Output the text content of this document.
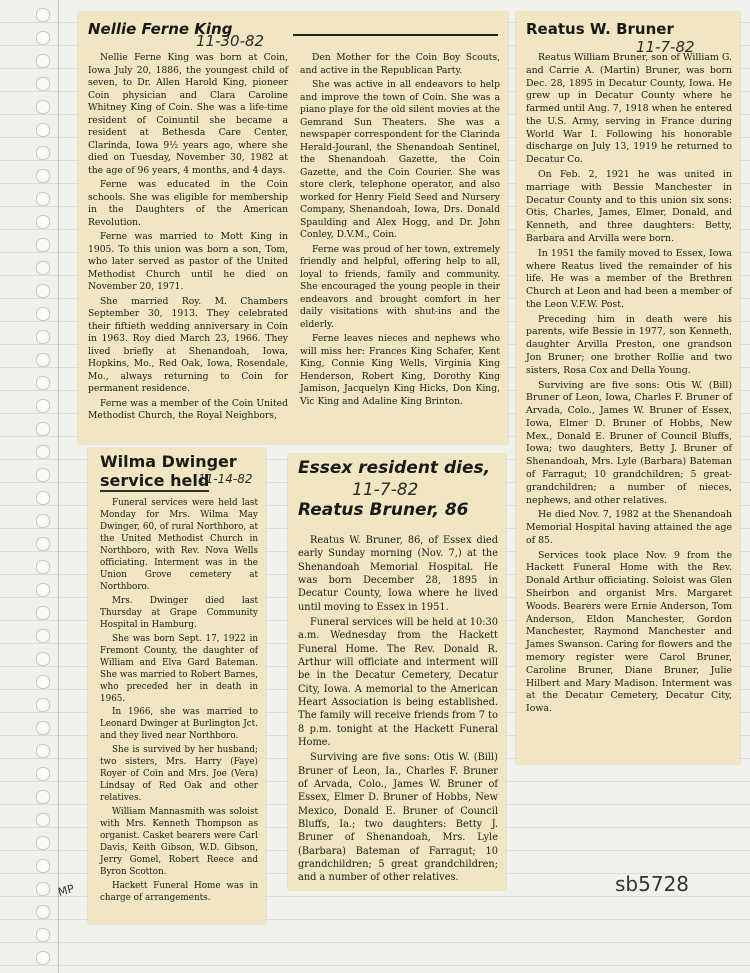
Nellie Ferne King
11-30-82

Nellie Ferne King was born at Coin, Iowa July 20, 1886, the youngest child of seven, to Dr. Allen Harold King, pioneer Coin physician and Clara Caroline Whitney King of Coin. She was a life-time resident of Coinuntil she became a resident at Bethesda Care Center, Clarinda, Iowa 9½ years ago, where she died on Tuesday, November 30, 1982 at the age of 96 years, 4 months, and 4 days.

Ferne was educated in the Coin schools. She was eligible for membership in the Daughters of the American Revolution.

Ferne was married to Mott King in 1905. To this union was born a son, Tom, who later served as pastor of the United Methodist Church until he died on November 20, 1971.

She married Roy. M. Chambers September 30, 1913. They celebrated their fiftieth wedding anniversary in Coin in 1963. Roy died March 23, 1966. They lived briefly at Shenandoah, Iowa, Hopkins, Mo., Red Oak, Iowa, Rosendale, Mo., always returning to Coin for permanent residence.

Ferne was a member of the Coin United Methodist Church, the Royal Neighbors,

Den Mother for the Coin Boy Scouts, and active in the Republican Party.

She was active in all endeavors to help and improve the town of Coin. She was a piano playe for the old silent movies at the Gemrand Sun Theaters. She was a newspaper correspondent for the Clarinda Herald-Jouranl, the Shenandoah Sentinel, the Shenandoah Gazette, the Coin Gazette, and the Coin Courier. She was store clerk, telephone operator, and also worked for Henry Field Seed and Nursery Company, Shenandoah, Iowa, Drs. Donald Spaulding and Alex Hogg, and Dr. John Conley, D.V.M., Coin.

Ferne was proud of her town, extremely friendly and helpful, offering help to all, loyal to friends, family and community. She encouraged the young people in their endeavors and brought comfort in her daily visitations with shut-ins and the elderly.

Ferne leaves nieces and nephews who will miss her: Frances King Schafer, Kent King, Connie King Wells, Virginia King Henderson, Robert King, Dorothy King Jamison, Jacquelyn King Hicks, Don King, Vic King and Adaline King Brinton.

Reatus W. Bruner
11-7-82

Reatus William Bruner, son of William G. and Carrie A. (Martin) Bruner, was born Dec. 28, 1895 in Decatur County, Iowa. He grew up in Decatur County where he farmed until Aug. 7, 1918 when he entered the U.S. Army, serving in France during World War I. Following his honorable discharge on July 13, 1919 he returned to Decatur Co.

On Feb. 2, 1921 he was united in marriage with Bessie Manchester in Decatur County and to this union six sons: Otis, Charles, James, Elmer, Donald, and Kenneth, and three daughters: Betty, Barbara and Arvilla were born.

In 1951 the family moved to Essex, Iowa where Reatus lived the remainder of his life. He was a member of the Brethren Church at Leon and had been a member of the Leon V.F.W. Post.

Preceding him in death were his parents, wife Bessie in 1977, son Kenneth, daughter Arvilla Preston, one grandson Jon Bruner; one brother Rollie and two sisters, Rosa Cox and Della Young.

Surviving are five sons: Otis W. (Bill) Bruner of Leon, Iowa, Charles F. Bruner of Arvada, Colo., James W. Bruner of Essex, Iowa, Elmer D. Bruner of Hobbs, New Mex., Donald E. Bruner of Council Bluffs, Iowa; two daughters, Betty J. Bruner of Shenandoah, Mrs. Lyle (Barbara) Bateman of Farragut; 10 grandchildren; 5 great-grandchildren; a number of nieces, nephews, and other relatives.

He died Nov. 7, 1982 at the Shenandoah Memorial Hospital having attained the age of 85.

Services took place Nov. 9 from the Hackett Funeral Home with the Rev. Donald Arthur officiating. Soloist was Glen Sheirbon and organist Mrs. Margaret Woods. Bearers were Ernie Anderson, Tom Anderson, Eldon Manchester, Gordon Manchester, Raymond Manchester and James Swanson. Caring for flowers and the memory register were Carol Bruner, Caroline Bruner, Diane Bruner, Julie Hilbert and Mary Madison. Interment was at the Decatur Cemetery, Decatur City, Iowa.

Wilma Dwinger
service held
11-14-82

Funeral services were held last Monday for Mrs. Wilma May Dwinger, 60, of rural Northboro, at the United Methodist Church in Northboro, with Rev. Nova Wells officiating. Interment was in the Union Grove cemetery at Northboro.

Mrs. Dwinger died last Thursday at Grape Community Hospital in Hamburg.

She was born Sept. 17, 1922 in Fremont County, the daughter of William and Elva Gard Bateman. She was married to Robert Barnes, who preceded her in death in 1965.

In 1966, she was married to Leonard Dwinger at Burlington Jct. and they lived near Northboro.

She is survived by her husband; two sisters, Mrs. Harry (Faye) Royer of Coin and Mrs. Joe (Vera) Lindsay of Red Oak and other relatives.

William Mannasmith was soloist with Mrs. Kenneth Thompson as organist. Casket bearers were Carl Davis, Keith Gibson, W.D. Gibson, Jerry Gomel, Robert Reece and Byron Scotton.

Hackett Funeral Home was in charge of arrangements.

Essex resident dies,
11-7-82
Reatus Bruner, 86

Reatus W. Bruner, 86, of Essex died early Sunday morning (Nov. 7,) at the Shenandoah Memorial Hospital. He was born December 28, 1895 in Decatur County, Iowa where he lived until moving to Essex in 1951.

Funeral services will be held at 10:30 a.m. Wednesday from the Hackett Funeral Home. The Rev. Donald R. Arthur will officiate and interment will be in the Decatur Cemetery, Decatur City, Iowa. A memorial to the American Heart Association is being established. The family will receive friends from 7 to 8 p.m. tonight at the Hackett Funeral Home.

Surviving are five sons: Otis W. (Bill) Bruner of Leon, Ia., Charles F. Bruner of Arvada, Colo., James W. Bruner of Essex, Elmer D. Bruner of Hobbs, New Mexico, Donald E. Bruner of Council Bluffs, Ia.; two daughters: Betty J. Bruner of Shenandoah, Mrs. Lyle (Barbara) Bateman of Farragut; 10 grandchildren; 5 great grandchildren; and a number of other relatives.	sb5728
MP
